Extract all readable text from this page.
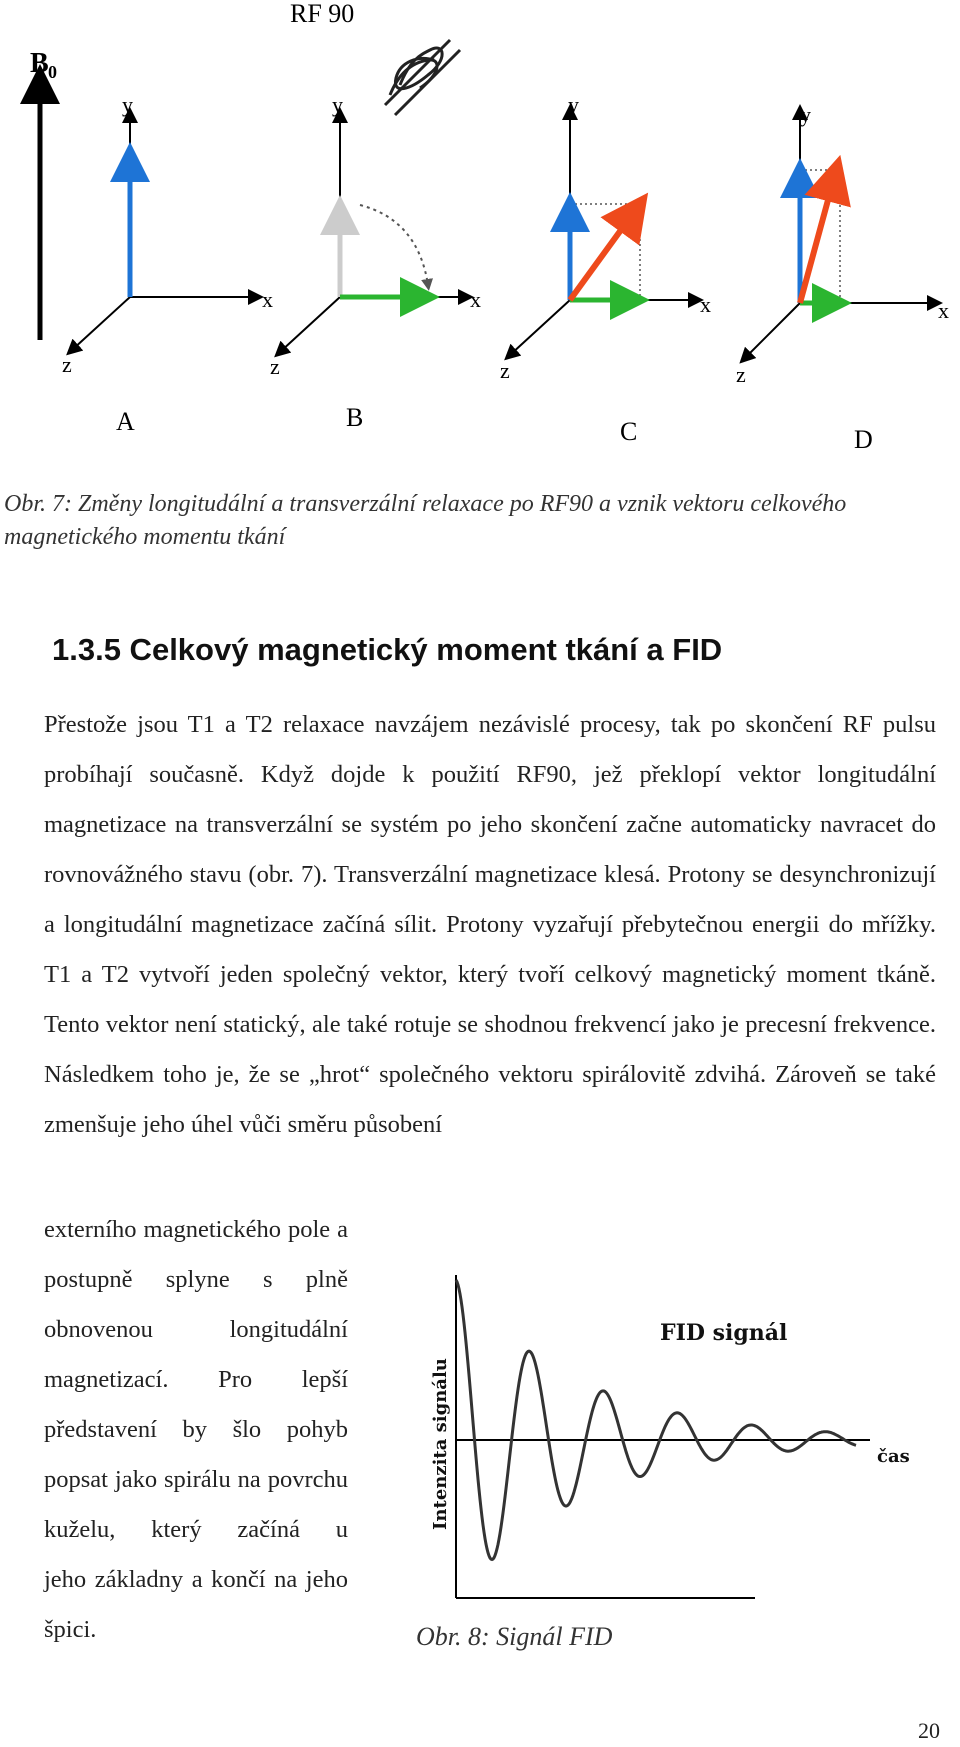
B 0
RF 90
y
x
z
A
y
x
z
B
y
x
z
C
y
x
z
D
Obr. 7: Změny longitudální a transverzální relaxace po RF90 a vznik vektoru celkového magnetického momentu tkání
1.3.5 Celkový magnetický moment tkání a FID

Přestože jsou T1 a T2 relaxace navzájem nezávislé procesy, tak po skončení RF pulsu probíhají současně. Když dojde k použití RF90, jež překlopí vektor longitudální magnetizace na transverzální se systém po jeho skončení začne automaticky navracet do rovnovážného stavu (obr. 7). Transverzální magnetizace klesá. Protony se desynchronizují a longitudální magnetizace začíná sílit. Protony vyzařují přebytečnou energii do mřížky. T1 a T2 vytvoří jeden společný vektor, který tvoří celkový magnetický moment tkáně. Tento vektor není statický, ale také rotuje se shodnou frekvencí jako je precesní frekvence. Následkem toho je, že se „hrot“ společného vektoru spirálovitě zdvihá. Zároveň se také zmenšuje jeho úhel vůči směru působení

externího magnetického pole a postupně splyne s plně obnovenou longitudální magnetizací. Pro lepší představení by šlo pohyb popsat jako spirálu na povrchu kuželu, který začíná u
jeho základny a končí na jeho špici.

FID signál
čas
Intenzita signálu
Obr. 8: Signál FID
20
